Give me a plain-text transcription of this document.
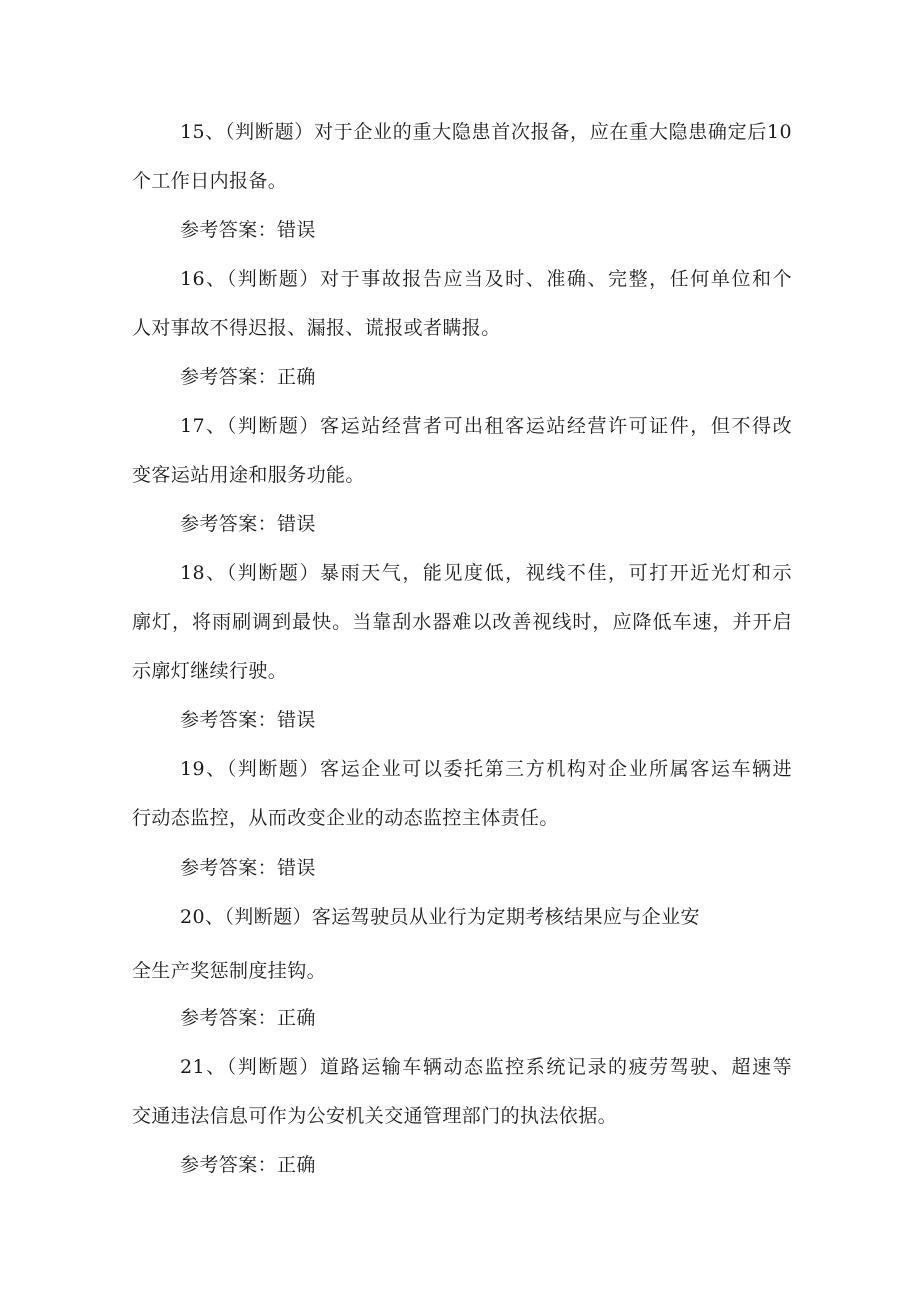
15、（判断题）对于企业的重大隐患首次报备，应在重大隐患确定后10
个工作日内报备。
参考答案：错误
16、（判断题）对于事故报告应当及时、准确、完整，任何单位和个
人对事故不得迟报、漏报、谎报或者瞒报。
参考答案：正确
17、（判断题）客运站经营者可出租客运站经营许可证件，但不得改
变客运站用途和服务功能。
参考答案：错误
18、（判断题）暴雨天气，能见度低，视线不佳，可打开近光灯和示
廓灯，将雨刷调到最快。当靠刮水器难以改善视线时，应降低车速，并开启
示廓灯继续行驶。
参考答案：错误
19、（判断题）客运企业可以委托第三方机构对企业所属客运车辆进
行动态监控，从而改变企业的动态监控主体责任。
参考答案：错误
20、（判断题）客运驾驶员从业行为定期考核结果应与企业安
全生产奖惩制度挂钩。
参考答案：正确
21、（判断题）道路运输车辆动态监控系统记录的疲劳驾驶、超速等
交通违法信息可作为公安机关交通管理部门的执法依据。
参考答案：正确
